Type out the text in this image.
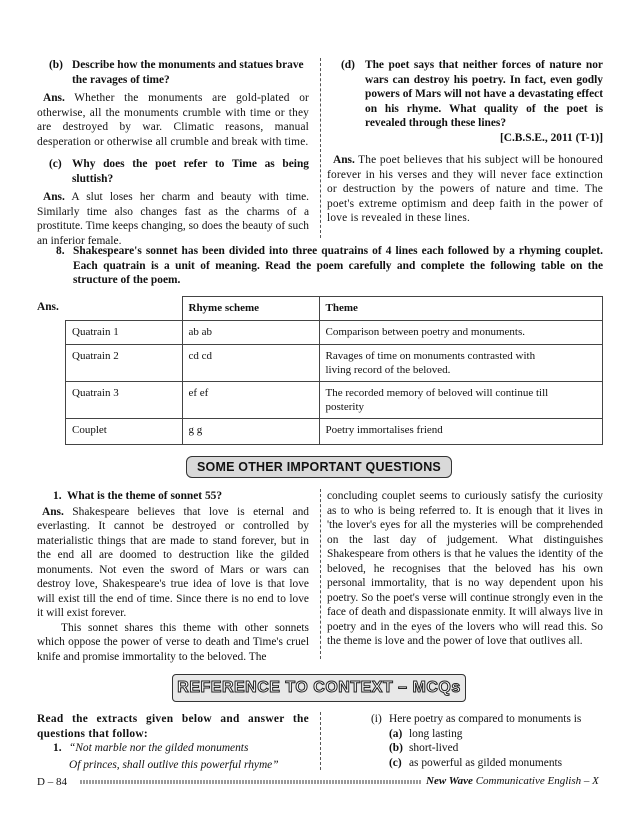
(b) Describe how the monuments and statues brave the ravages of time?

Ans. Whether the monuments are gold-plated or otherwise, all the monuments crumble with time or they are destroyed by war. Climatic reasons, manual desperation or otherwise all crumble and break with time.

(c) Why does the poet refer to Time as being sluttish?

Ans. A slut loses her charm and beauty with time. Similarly time also changes fast as the charms of a prostitute. Time keeps changing, so does the beauty of such an inferior female.

(d) The poet says that neither forces of nature nor wars can destroy his poetry. In fact, even godly powers of Mars will not have a devastating effect on his rhyme. What quality of the poet is revealed through these lines?
[C.B.S.E., 2011 (T-1)]

Ans. The poet believes that his subject will be honoured forever in his verses and they will never face extinction or destruction by the powers of nature and time. The poet's extreme optimism and deep faith in the power of love is revealed in these lines.

8. Shakespeare's sonnet has been divided into three quatrains of 4 lines each followed by a rhyming couplet. Each quatrain is a unit of meaning. Read the poem carefully and complete the following table on the structure of the poem.
Ans.
		Rhyme scheme	Theme
Quatrain 1	ab ab	Comparison between poetry and monuments.
Quatrain 2	cd cd	Ravages of time on monuments contrasted with living record of the beloved.
Quatrain 3	ef ef	The recorded memory of beloved will continue till posterity
Couplet	g g	Poetry immortalises friend
SOME OTHER IMPORTANT QUESTIONS
1. What is the theme of sonnet 55?

Ans. Shakespeare believes that love is eternal and everlasting. It cannot be destroyed or controlled by materialistic things that are made to stand forever, but in the end all are doomed to destruction like the gilded monuments. Not even the sword of Mars or wars can destroy love, Shakespeare's true idea of love is that love will exist till the end of time. Since there is no end to love it will exist forever.

This sonnet shares this theme with other sonnets which oppose the power of verse to death and Time's cruel knife and promise immortality to the beloved. The

concluding couplet seems to curiously satisfy the curiosity as to who is being referred to. It is enough that it lives in 'the lover's eyes for all the mysteries will be comprehended on the last day of judgement. What distinguishes Shakespeare from others is that he values the identity of the beloved, he recognises that the beloved has his own personal immortality, that is no way dependent upon his poetry. So the poet's verse will continue strongly even in the face of death and dispassionate enmity. It will always live in poetry and in the eyes of the lovers who will read this. So the theme is love and the power of love that outlives all.

REFERENCE TO CONTEXT – MCQs

Read the extracts given below and answer the questions that follow:

1. “Not marble nor the gilded monuments
Of princes, shall outlive this powerful rhyme”
(i) Here poetry as compared to monuments is
(a) long lasting
(b) short-lived
(c) as powerful as gilded monuments
D – 84	New Wave Communicative English – X
